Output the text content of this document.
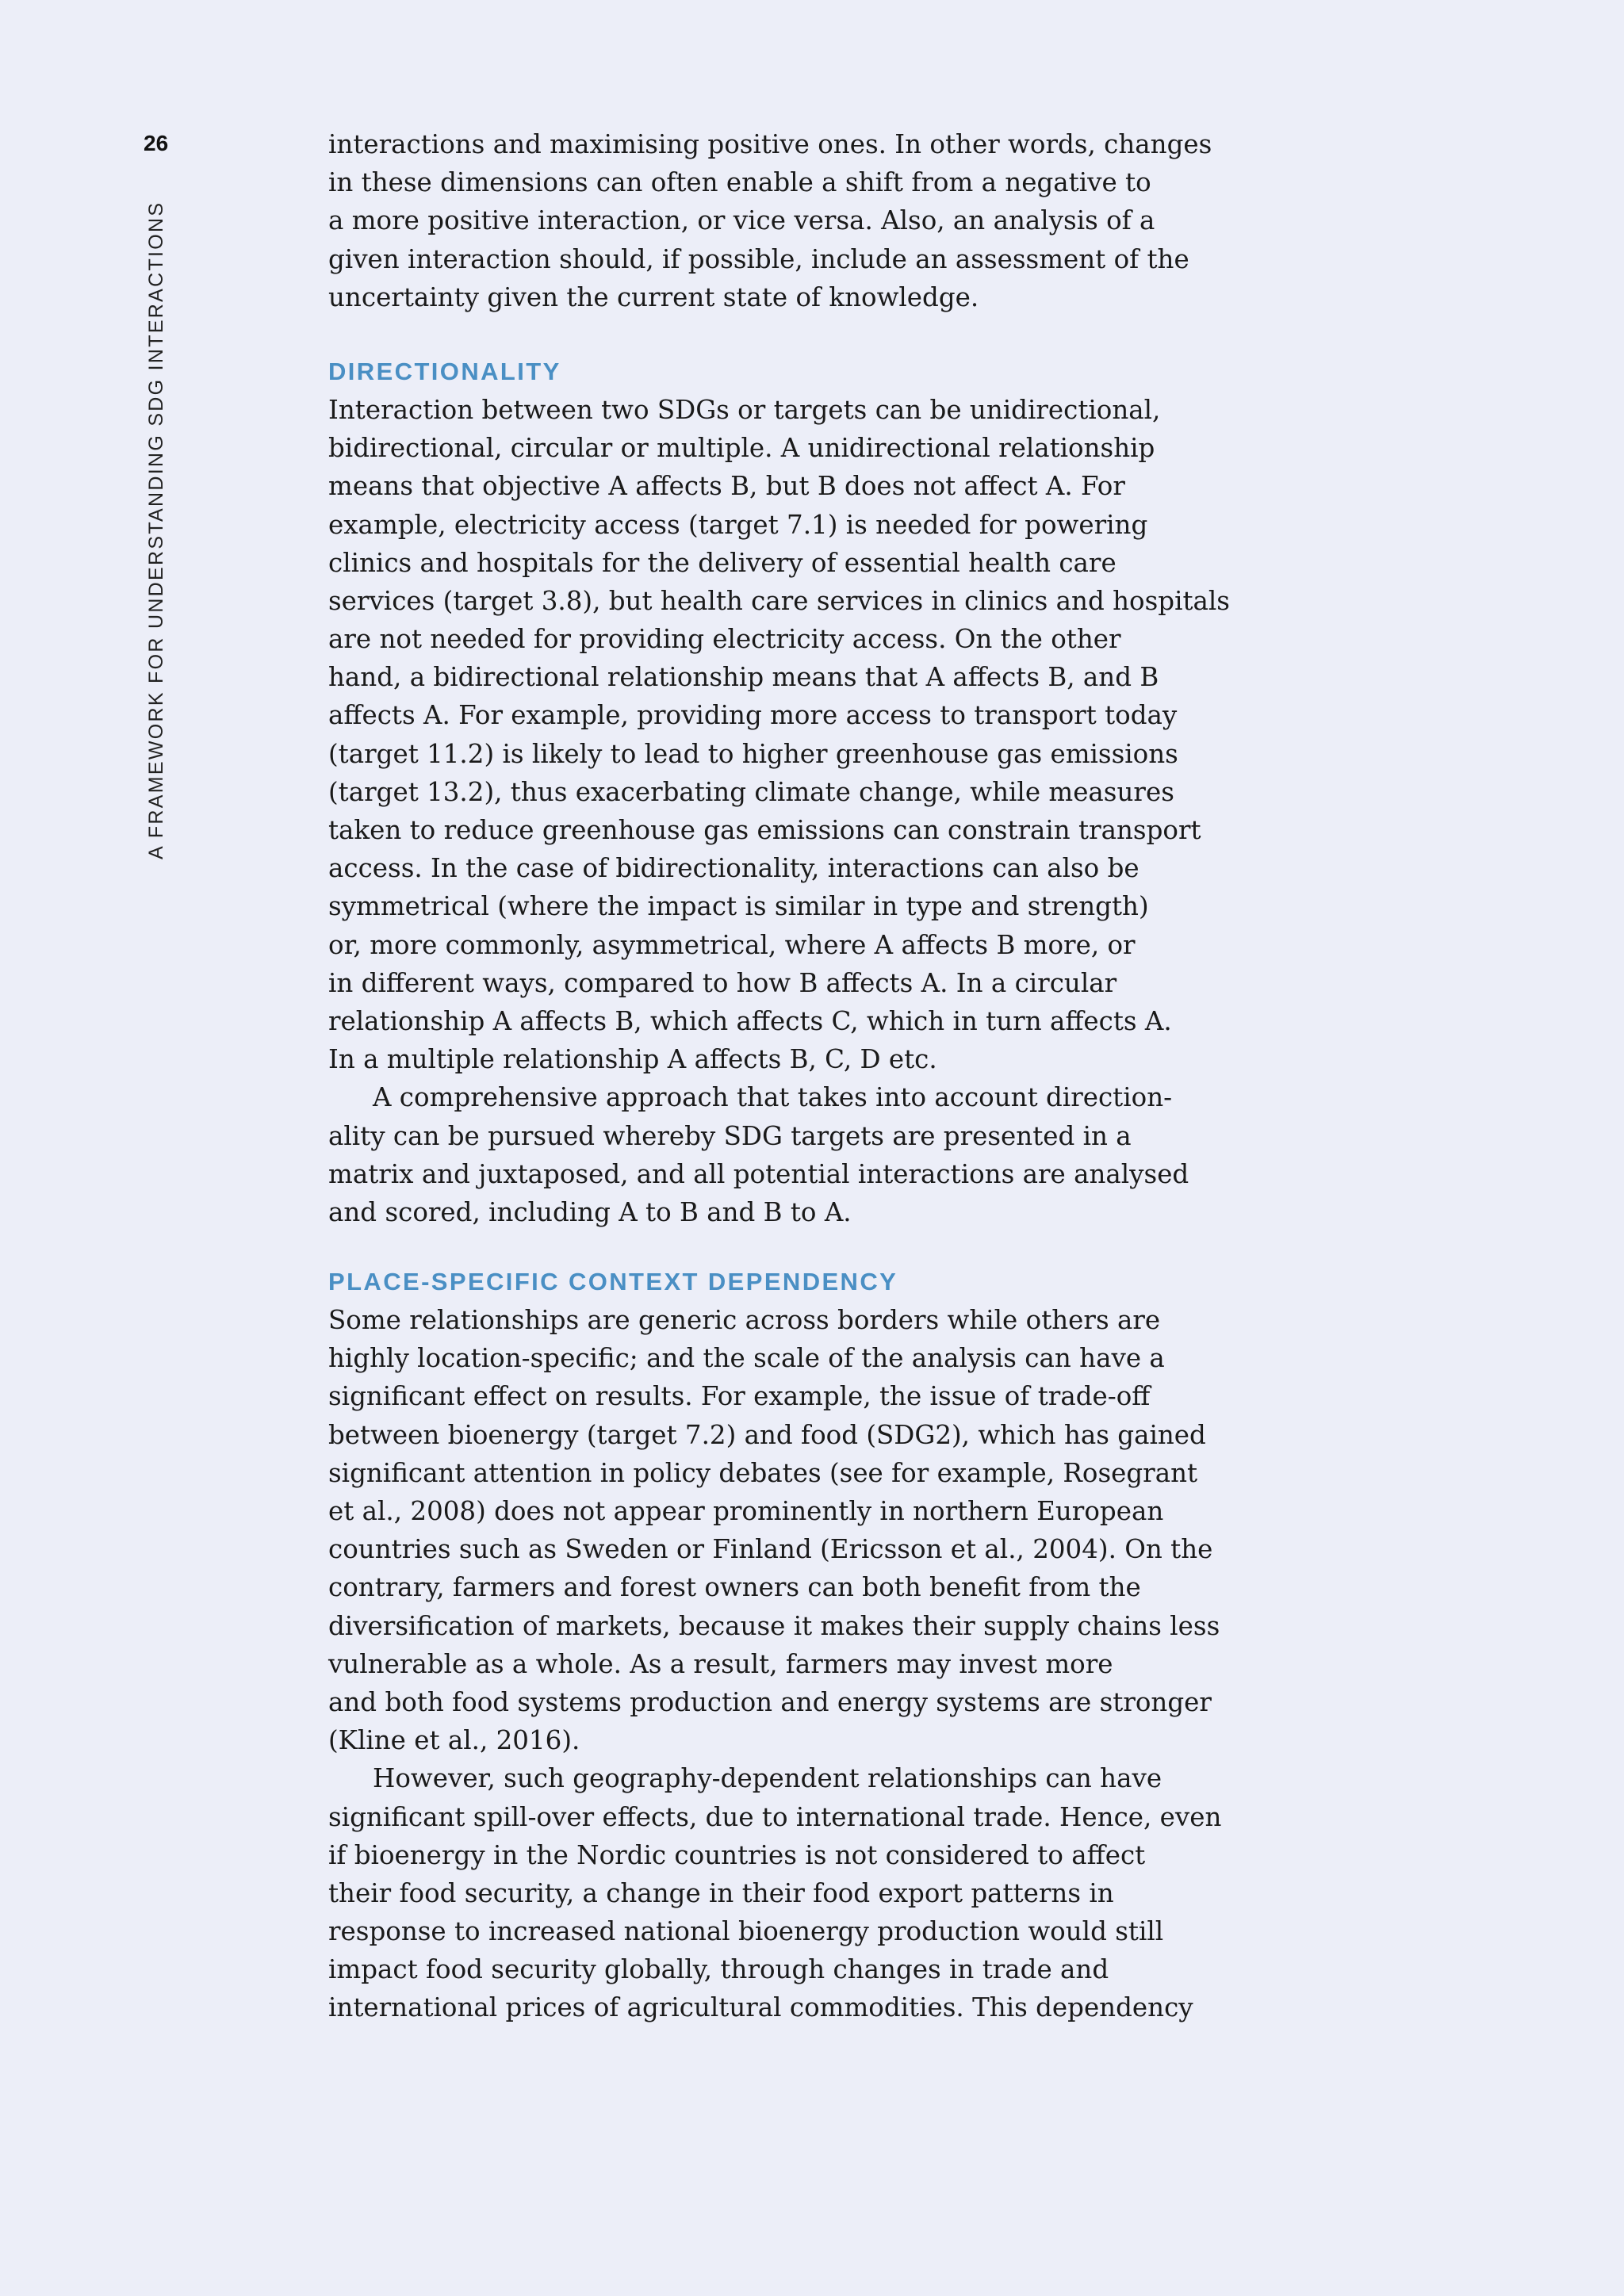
26
A FRAMEWORK FOR UNDERSTANDING SDG INTERACTIONS
interactions and maximising positive ones. In other words, changes
in these dimensions can often enable a shift from a negative to
a more positive interaction, or vice versa. Also, an analysis of a
given interaction should, if possible, include an assessment of the
uncertainty given the current state of knowledge.
DIRECTIONALITY
Interaction between two SDGs or targets can be unidirectional,
bidirectional, circular or multiple. A unidirectional relationship
means that objective A affects B, but B does not affect A. For
example, electricity access (target 7.1) is needed for powering
clinics and hospitals for the delivery of essential health care
services (target 3.8), but health care services in clinics and hospitals
are not needed for providing electricity access. On the other
hand, a bidirectional relationship means that A affects B, and B
affects A. For example, providing more access to transport today
(target 11.2) is likely to lead to higher greenhouse gas emissions
(target 13.2), thus exacerbating climate change, while measures
taken to reduce greenhouse gas emissions can constrain transport
access. In the case of bidirectionality, interactions can also be
symmetrical (where the impact is similar in type and strength)
or, more commonly, asymmetrical, where A affects B more, or
in different ways, compared to how B affects A. In a circular
relationship A affects B, which affects C, which in turn affects A.
In a multiple relationship A affects B, C, D etc.
A comprehensive approach that takes into account direction-
ality can be pursued whereby SDG targets are presented in a
matrix and juxtaposed, and all potential interactions are analysed
and scored, including A to B and B to A.
PLACE-SPECIFIC CONTEXT DEPENDENCY
Some relationships are generic across borders while others are
highly location-specific; and the scale of the analysis can have a
significant effect on results. For example, the issue of trade-off
between bioenergy (target 7.2) and food (SDG2), which has gained
significant attention in policy debates (see for example, Rosegrant
et al., 2008) does not appear prominently in northern European
countries such as Sweden or Finland (Ericsson et al., 2004). On the
contrary, farmers and forest owners can both benefit from the
diversification of markets, because it makes their supply chains less
vulnerable as a whole. As a result, farmers may invest more
and both food systems production and energy systems are stronger
(Kline et al., 2016).
However, such geography-dependent relationships can have
significant spill-over effects, due to international trade. Hence, even
if bioenergy in the Nordic countries is not considered to affect
their food security, a change in their food export patterns in
response to increased national bioenergy production would still
impact food security globally, through changes in trade and
international prices of agricultural commodities. This dependency
